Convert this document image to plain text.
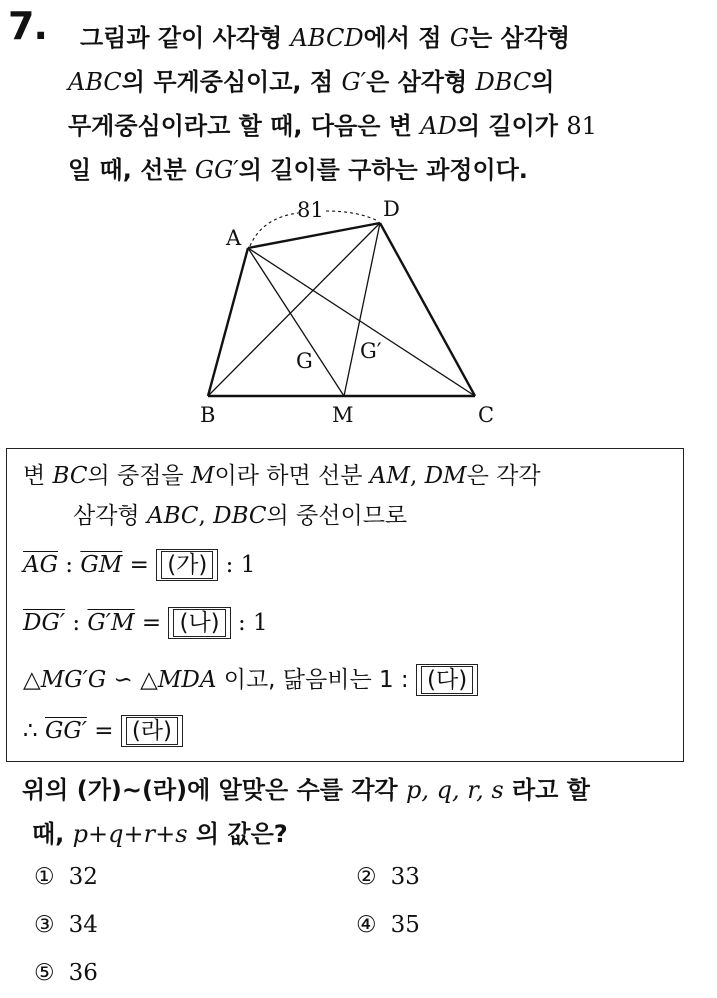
7. 그림과 같이 사각형 ABCD에서 점 G는 삼각형
ABC의 무게중심이고, 점 G′은 삼각형 DBC의
무게중심이라고 할 때, 다음은 변 AD의 길이가 81
일 때, 선분 GG′의 길이를 구하는 과정이다.
81
A
D
B	M	C
G G′
변 BC의 중점을 M이라 하면 선분 AM, DM은 각각
삼각형 ABC, DBC의 중선이므로
$\overline{AG}$ : $\overline{GM}$ = (가) : 1
DG′ : G′M = (나) : 1
△MG′G ∽ △MDA 이고, 닮음비는 1 : (다)
∴ GG′ = (라)
위의 (가)~(라)에 알맞은 수를 각각 p, q, r, s 라고 할
때, p+q+r+s 의 값은?
① 32	② 33
③ 34	④ 35
⑤ 36
